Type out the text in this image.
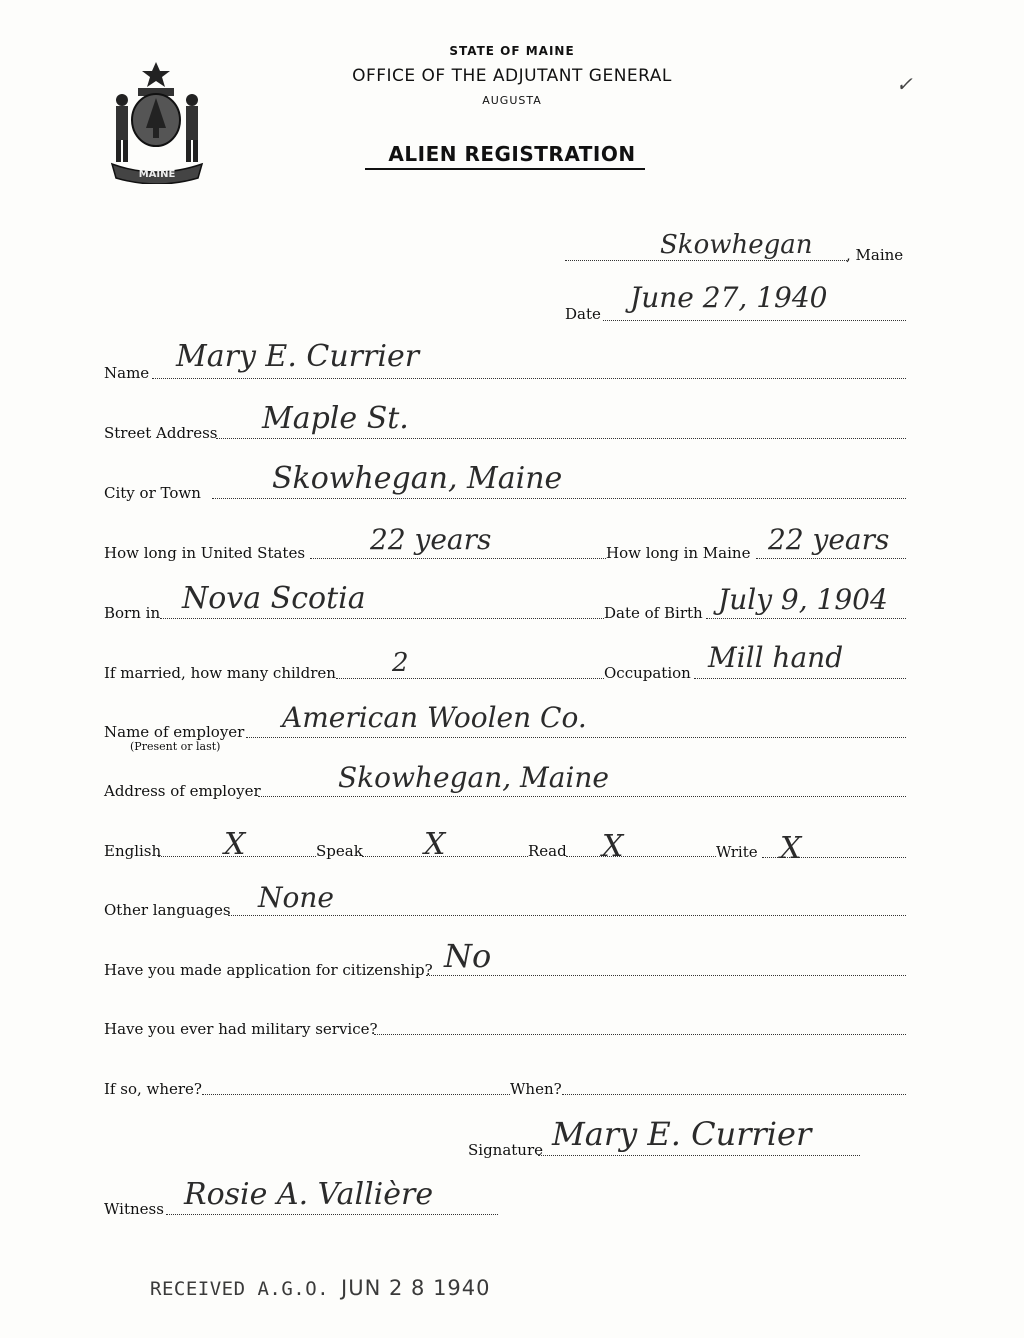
MAINE
STATE OF MAINE
OFFICE OF THE ADJUTANT GENERAL
AUGUSTA
ALIEN REGISTRATION
✓
Skowhegan , Maine
Date June 27, 1940
Name Mary E. Currier
Street Address Maple St.
City or Town Skowhegan, Maine
How long in United States 22 years	How long in Maine 22 years
Born in Nova Scotia	Date of Birth July 9, 1904
If married, how many children 2	Occupation Mill hand
Name of employer
(Present or last)
American Woolen Co.
Address of employer	Skowhegan, Maine
English X	Speak X	Read X	Write X
Other languages None
Have you made application for citizenship? No
Have you ever had military service?
If so, where?	When?
Signature Mary E. Currier
Witness Rosie A. Vallière
RECEIVED A.G.O. JUN 2 8 1940
